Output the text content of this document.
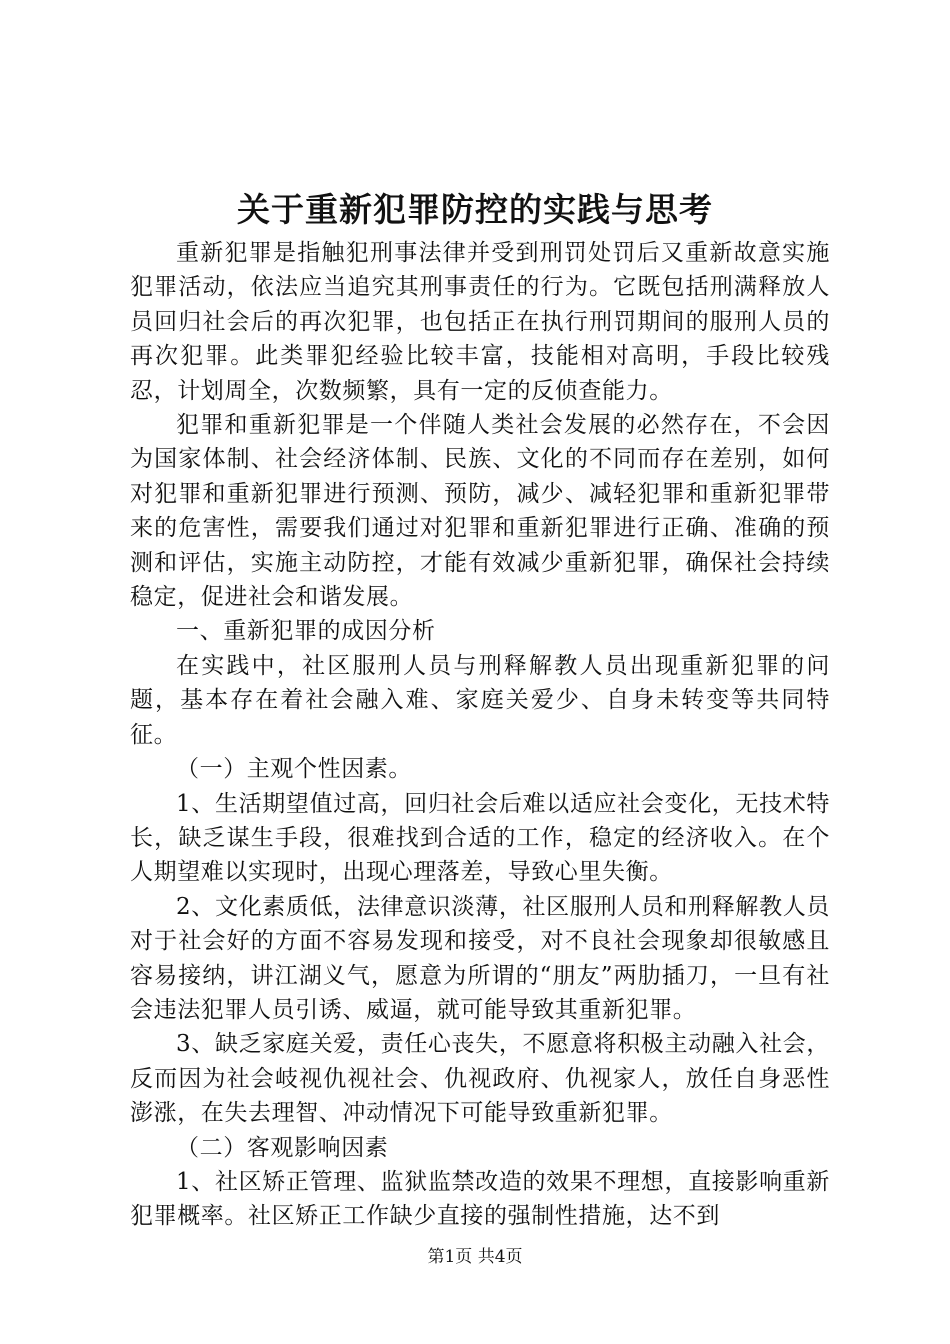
关于重新犯罪防控的实践与思考

重新犯罪是指触犯刑事法律并受到刑罚处罚后又重新故意实施犯罪活动，依法应当追究其刑事责任的行为。它既包括刑满释放人员回归社会后的再次犯罪，也包括正在执行刑罚期间的服刑人员的再次犯罪。此类罪犯经验比较丰富，技能相对高明，手段比较残忍，计划周全，次数频繁，具有一定的反侦查能力。

犯罪和重新犯罪是一个伴随人类社会发展的必然存在，不会因为国家体制、社会经济体制、民族、文化的不同而存在差别，如何对犯罪和重新犯罪进行预测、预防，减少、减轻犯罪和重新犯罪带来的危害性，需要我们通过对犯罪和重新犯罪进行正确、准确的预测和评估，实施主动防控，才能有效减少重新犯罪，确保社会持续稳定，促进社会和谐发展。

一、重新犯罪的成因分析

在实践中，社区服刑人员与刑释解教人员出现重新犯罪的问题，基本存在着社会融入难、家庭关爱少、自身未转变等共同特征。

（一）主观个性因素。

1、生活期望值过高，回归社会后难以适应社会变化，无技术特长，缺乏谋生手段，很难找到合适的工作，稳定的经济收入。在个人期望难以实现时，出现心理落差，导致心里失衡。

2、文化素质低，法律意识淡薄，社区服刑人员和刑释解教人员对于社会好的方面不容易发现和接受，对不良社会现象却很敏感且容易接纳，讲江湖义气，愿意为所谓的“朋友”两肋插刀，一旦有社会违法犯罪人员引诱、威逼，就可能导致其重新犯罪。

3、缺乏家庭关爱，责任心丧失，不愿意将积极主动融入社会，反而因为社会岐视仇视社会、仇视政府、仇视家人，放任自身恶性澎涨，在失去理智、冲动情况下可能导致重新犯罪。

（二）客观影响因素

1、社区矫正管理、监狱监禁改造的效果不理想，直接影响重新犯罪概率。社区矫正工作缺少直接的强制性措施，达不到

第1页 共4页
